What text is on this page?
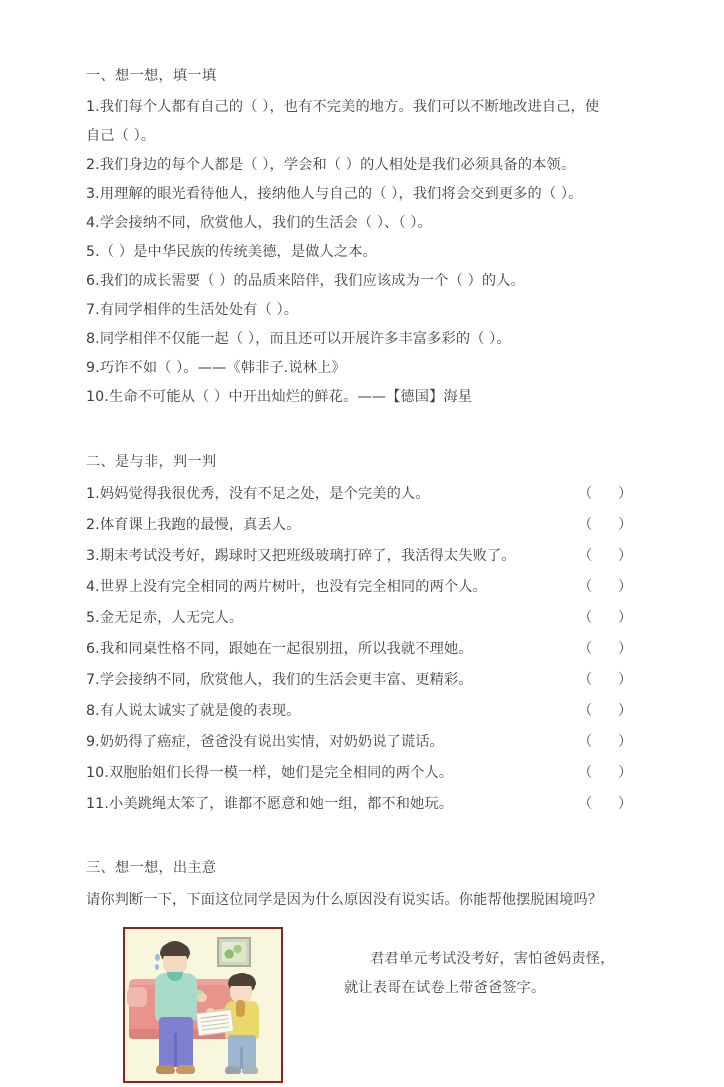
一、想一想，填一填
1.我们每个人都有自己的（ ），也有不完美的地方。我们可以不断地改进自己，使
自己（ ）。
2.我们身边的每个人都是（ ），学会和（ ）的人相处是我们必须具备的本领。
3.用理解的眼光看待他人，接纳他人与自己的（ ），我们将会交到更多的（ ）。
4.学会接纳不同，欣赏他人，我们的生活会（ ）、（ ）。
5.（ ）是中华民族的传统美德，是做人之本。
6.我们的成长需要（ ）的品质来陪伴，我们应该成为一个（ ）的人。
7.有同学相伴的生活处处有（ ）。
8.同学相伴不仅能一起（ ），而且还可以开展许多丰富多彩的（ ）。
9.巧诈不如（ ）。——《韩非子.说林上》
10.生命不可能从（ ）中开出灿烂的鲜花。——【德国】海星
二、是与非，判一判
1.妈妈觉得我很优秀，没有不足之处，是个完美的人。	（ ）
2.体育课上我跑的最慢，真丢人。	（ ）
3.期末考试没考好，踢球时又把班级玻璃打碎了，我活得太失败了。	（ ）
4.世界上没有完全相同的两片树叶，也没有完全相同的两个人。	（ ）
5.金无足赤，人无完人。	（ ）
6.我和同桌性格不同，跟她在一起很别扭，所以我就不理她。	（ ）
7.学会接纳不同，欣赏他人，我们的生活会更丰富、更精彩。	（ ）
8.有人说太诚实了就是傻的表现。	（ ）
9.奶奶得了癌症，爸爸没有说出实情，对奶奶说了谎话。	（ ）
10.双胞胎姐们长得一模一样，她们是完全相同的两个人。	（ ）
11.小美跳绳太笨了，谁都不愿意和她一组，都不和她玩。	（ ）
三、想一想，出主意
请你判断一下，下面这位同学是因为什么原因没有说实话。你能帮他摆脱困境吗？
君君单元考试没考好，害怕爸妈责怪，
就让表哥在试卷上带爸爸签字。
